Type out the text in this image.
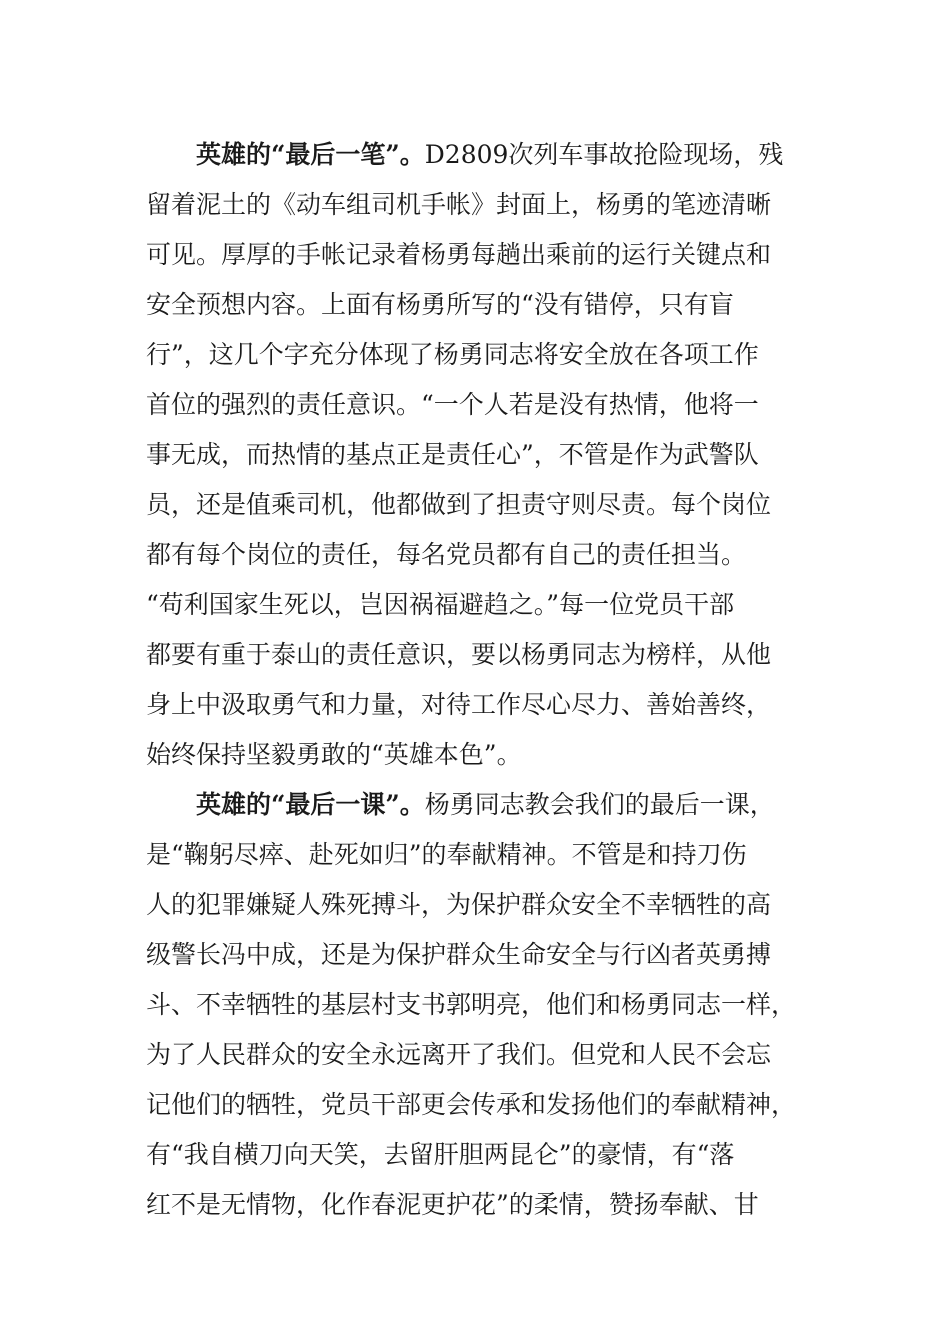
英雄的“最后一笔”。D2809次列车事故抢险现场，残
留着泥土的《动车组司机手帐》封面上，杨勇的笔迹清晰
可见。厚厚的手帐记录着杨勇每趟出乘前的运行关键点和
安全预想内容。上面有杨勇所写的“没有错停，只有盲
行”，这几个字充分体现了杨勇同志将安全放在各项工作
首位的强烈的责任意识。“一个人若是没有热情，他将一
事无成，而热情的基点正是责任心”，不管是作为武警队
员，还是值乘司机，他都做到了担责守则尽责。每个岗位
都有每个岗位的责任，每名党员都有自己的责任担当。
“苟利国家生死以，岂因祸福避趋之。”每一位党员干部
都要有重于泰山的责任意识，要以杨勇同志为榜样，从他
身上中汲取勇气和力量，对待工作尽心尽力、善始善终，
始终保持坚毅勇敢的“英雄本色”。
英雄的“最后一课”。杨勇同志教会我们的最后一课，
是“鞠躬尽瘁、赴死如归”的奉献精神。不管是和持刀伤
人的犯罪嫌疑人殊死搏斗，为保护群众安全不幸牺牲的高
级警长冯中成，还是为保护群众生命安全与行凶者英勇搏
斗、不幸牺牲的基层村支书郭明亮，他们和杨勇同志一样，
为了人民群众的安全永远离开了我们。但党和人民不会忘
记他们的牺牲，党员干部更会传承和发扬他们的奉献精神，
有“我自横刀向天笑，去留肝胆两昆仑”的豪情，有“落
红不是无情物，化作春泥更护花”的柔情，赞扬奉献、甘
